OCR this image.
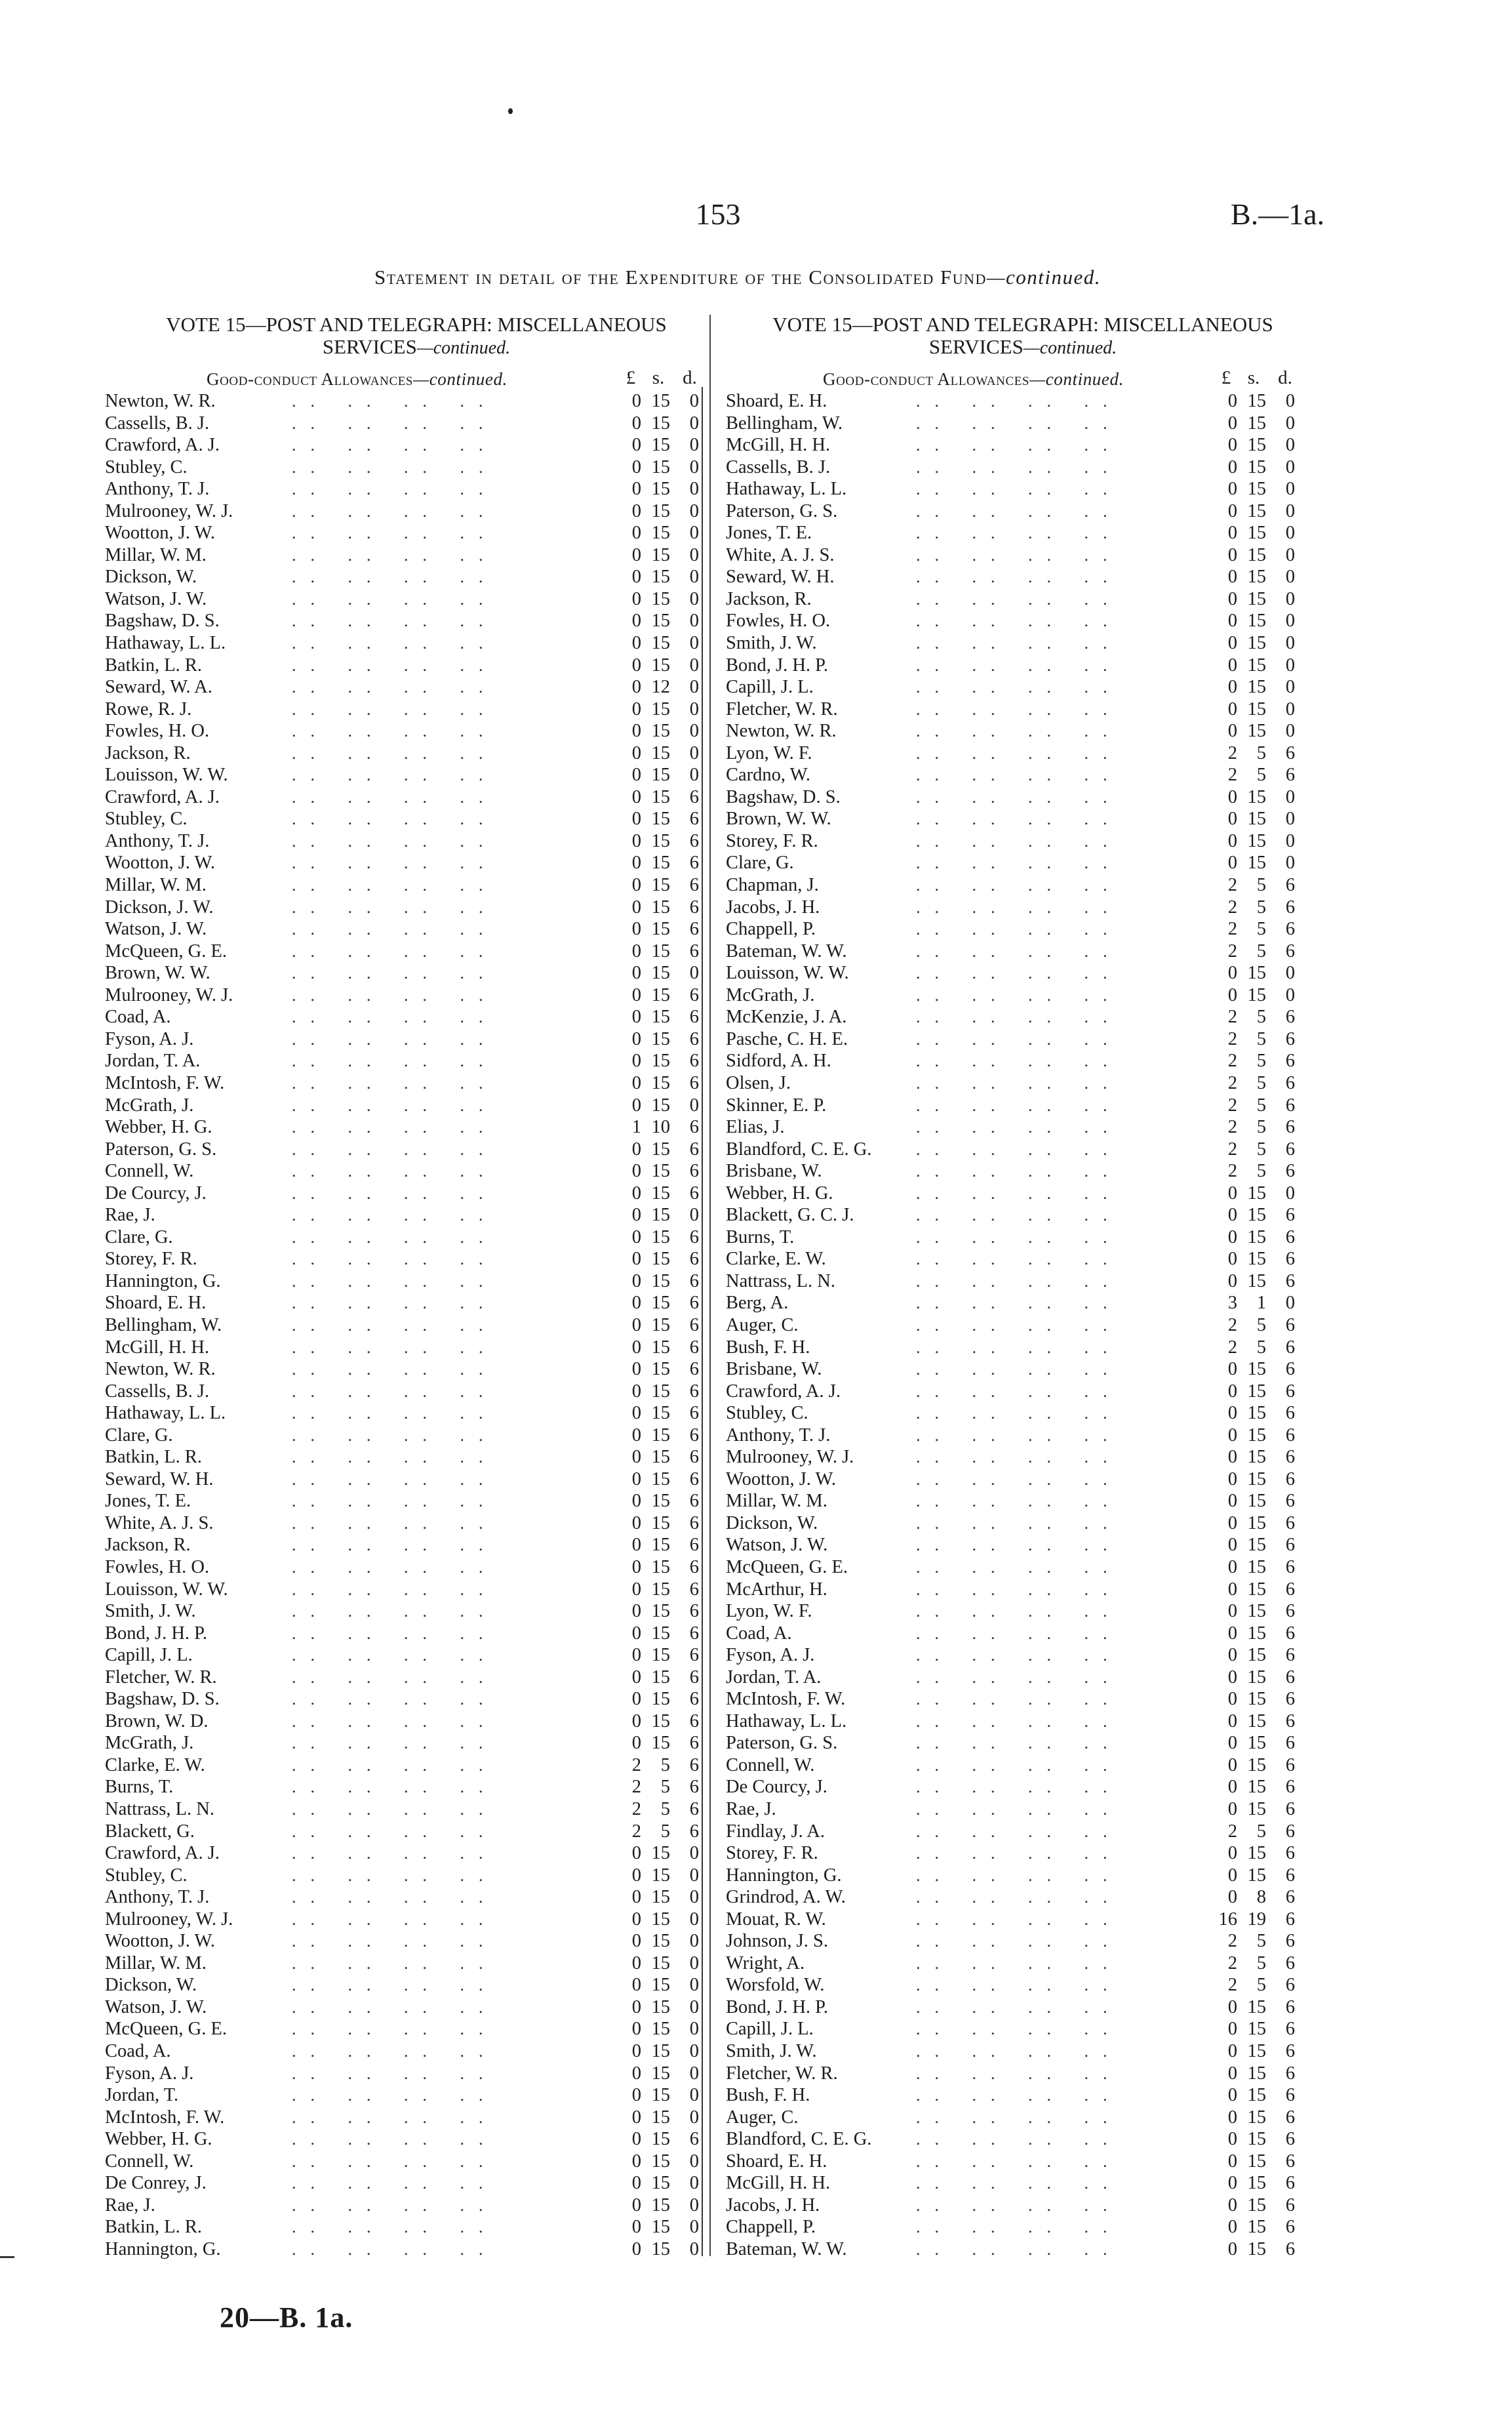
153	B.—1a.
Statement in detail of the Expenditure of the Consolidated Fund—continued.
VOTE 15—POST AND TELEGRAPH: MISCELLANEOUS
SERVICES—continued.
Good-conduct Allowances—continued.	£ s. d.
Newton, W. R.	.. .. .. ..	0 15 0
Cassells, B. J.	.. .. .. ..	0 15 0
Crawford, A. J.	.. .. .. ..	0 15 0
Stubley, C.	.. .. .. ..	0 15 0
Anthony, T. J.	.. .. .. ..	0 15 0
Mulrooney, W. J.	.. .. .. ..	0 15 0
Wootton, J. W.	.. .. .. ..	0 15 0
Millar, W. M.	.. .. .. ..	0 15 0
Dickson, W.	.. .. .. ..	0 15 0
Watson, J. W.	.. .. .. ..	0 15 0
Bagshaw, D. S.	.. .. .. ..	0 15 0
Hathaway, L. L.	.. .. .. ..	0 15 0
Batkin, L. R.	.. .. .. ..	0 15 0
Seward, W. A.	.. .. .. ..	0 12 0
Rowe, R. J.	.. .. .. ..	0 15 0
Fowles, H. O.	.. .. .. ..	0 15 0
Jackson, R.	.. .. .. ..	0 15 0
Louisson, W. W.	.. .. .. ..	0 15 0
Crawford, A. J.	.. .. .. ..	0 15 6
Stubley, C.	.. .. .. ..	0 15 6
Anthony, T. J.	.. .. .. ..	0 15 6
Wootton, J. W.	.. .. .. ..	0 15 6
Millar, W. M.	.. .. .. ..	0 15 6
Dickson, J. W.	.. .. .. ..	0 15 6
Watson, J. W.	.. .. .. ..	0 15 6
McQueen, G. E.	.. .. .. ..	0 15 6
Brown, W. W.	.. .. .. ..	0 15 0
Mulrooney, W. J.	.. .. .. ..	0 15 6
Coad, A.	.. .. .. ..	0 15 6
Fyson, A. J.	.. .. .. ..	0 15 6
Jordan, T. A.	.. .. .. ..	0 15 6
McIntosh, F. W.	.. .. .. ..	0 15 6
McGrath, J.	.. .. .. ..	0 15 0
Webber, H. G.	.. .. .. ..	1 10 6
Paterson, G. S.	.. .. .. ..	0 15 6
Connell, W.	.. .. .. ..	0 15 6
De Courcy, J.	.. .. .. ..	0 15 6
Rae, J.	.. .. .. ..	0 15 0
Clare, G.	.. .. .. ..	0 15 6
Storey, F. R.	.. .. .. ..	0 15 6
Hannington, G.	.. .. .. ..	0 15 6
Shoard, E. H.	.. .. .. ..	0 15 6
Bellingham, W.	.. .. .. ..	0 15 6
McGill, H. H.	.. .. .. ..	0 15 6
Newton, W. R.	.. .. .. ..	0 15 6
Cassells, B. J.	.. .. .. ..	0 15 6
Hathaway, L. L.	.. .. .. ..	0 15 6
Clare, G.	.. .. .. ..	0 15 6
Batkin, L. R.	.. .. .. ..	0 15 6
Seward, W. H.	.. .. .. ..	0 15 6
Jones, T. E.	.. .. .. ..	0 15 6
White, A. J. S.	.. .. .. ..	0 15 6
Jackson, R.	.. .. .. ..	0 15 6
Fowles, H. O.	.. .. .. ..	0 15 6
Louisson, W. W.	.. .. .. ..	0 15 6
Smith, J. W.	.. .. .. ..	0 15 6
Bond, J. H. P.	.. .. .. ..	0 15 6
Capill, J. L.	.. .. .. ..	0 15 6
Fletcher, W. R.	.. .. .. ..	0 15 6
Bagshaw, D. S.	.. .. .. ..	0 15 6
Brown, W. D.	.. .. .. ..	0 15 6
McGrath, J.	.. .. .. ..	0 15 6
Clarke, E. W.	.. .. .. ..	2 5 6
Burns, T.	.. .. .. ..	2 5 6
Nattrass, L. N.	.. .. .. ..	2 5 6
Blackett, G.	.. .. .. ..	2 5 6
Crawford, A. J.	.. .. .. ..	0 15 0
Stubley, C.	.. .. .. ..	0 15 0
Anthony, T. J.	.. .. .. ..	0 15 0
Mulrooney, W. J.	.. .. .. ..	0 15 0
Wootton, J. W.	.. .. .. ..	0 15 0
Millar, W. M.	.. .. .. ..	0 15 0
Dickson, W.	.. .. .. ..	0 15 0
Watson, J. W.	.. .. .. ..	0 15 0
McQueen, G. E.	.. .. .. ..	0 15 0
Coad, A.	.. .. .. ..	0 15 0
Fyson, A. J.	.. .. .. ..	0 15 0
Jordan, T.	.. .. .. ..	0 15 0
McIntosh, F. W.	.. .. .. ..	0 15 0
Webber, H. G.	.. .. .. ..	0 15 6
Connell, W.	.. .. .. ..	0 15 0
De Conrey, J.	.. .. .. ..	0 15 0
Rae, J.	.. .. .. ..	0 15 0
Batkin, L. R.	.. .. .. ..	0 15 0
Hannington, G.	.. .. .. ..	0 15 0
VOTE 15—POST AND TELEGRAPH: MISCELLANEOUS
SERVICES—continued.
Good-conduct Allowances—continued.	£ s. d.
Shoard, E. H.	.. .. .. ..	0 15 0
Bellingham, W.	.. .. .. ..	0 15 0
McGill, H. H.	.. .. .. ..	0 15 0
Cassells, B. J.	.. .. .. ..	0 15 0
Hathaway, L. L.	.. .. .. ..	0 15 0
Paterson, G. S.	.. .. .. ..	0 15 0
Jones, T. E.	.. .. .. ..	0 15 0
White, A. J. S.	.. .. .. ..	0 15 0
Seward, W. H.	.. .. .. ..	0 15 0
Jackson, R.	.. .. .. ..	0 15 0
Fowles, H. O.	.. .. .. ..	0 15 0
Smith, J. W.	.. .. .. ..	0 15 0
Bond, J. H. P.	.. .. .. ..	0 15 0
Capill, J. L.	.. .. .. ..	0 15 0
Fletcher, W. R.	.. .. .. ..	0 15 0
Newton, W. R.	.. .. .. ..	0 15 0
Lyon, W. F.	.. .. .. ..	2 5 6
Cardno, W.	.. .. .. ..	2 5 6
Bagshaw, D. S.	.. .. .. ..	0 15 0
Brown, W. W.	.. .. .. ..	0 15 0
Storey, F. R.	.. .. .. ..	0 15 0
Clare, G.	.. .. .. ..	0 15 0
Chapman, J.	.. .. .. ..	2 5 6
Jacobs, J. H.	.. .. .. ..	2 5 6
Chappell, P.	.. .. .. ..	2 5 6
Bateman, W. W.	.. .. .. ..	2 5 6
Louisson, W. W.	.. .. .. ..	0 15 0
McGrath, J.	.. .. .. ..	0 15 0
McKenzie, J. A.	.. .. .. ..	2 5 6
Pasche, C. H. E.	.. .. .. ..	2 5 6
Sidford, A. H.	.. .. .. ..	2 5 6
Olsen, J.	.. .. .. ..	2 5 6
Skinner, E. P.	.. .. .. ..	2 5 6
Elias, J.	.. .. .. ..	2 5 6
Blandford, C. E. G.	.. .. .. ..	2 5 6
Brisbane, W.	.. .. .. ..	2 5 6
Webber, H. G.	.. .. .. ..	0 15 0
Blackett, G. C. J.	.. .. .. ..	0 15 6
Burns, T.	.. .. .. ..	0 15 6
Clarke, E. W.	.. .. .. ..	0 15 6
Nattrass, L. N.	.. .. .. ..	0 15 6
Berg, A.	.. .. .. ..	3 1 0
Auger, C.	.. .. .. ..	2 5 6
Bush, F. H.	.. .. .. ..	2 5 6
Brisbane, W.	.. .. .. ..	0 15 6
Crawford, A. J.	.. .. .. ..	0 15 6
Stubley, C.	.. .. .. ..	0 15 6
Anthony, T. J.	.. .. .. ..	0 15 6
Mulrooney, W. J.	.. .. .. ..	0 15 6
Wootton, J. W.	.. .. .. ..	0 15 6
Millar, W. M.	.. .. .. ..	0 15 6
Dickson, W.	.. .. .. ..	0 15 6
Watson, J. W.	.. .. .. ..	0 15 6
McQueen, G. E.	.. .. .. ..	0 15 6
McArthur, H.	.. .. .. ..	0 15 6
Lyon, W. F.	.. .. .. ..	0 15 6
Coad, A.	.. .. .. ..	0 15 6
Fyson, A. J.	.. .. .. ..	0 15 6
Jordan, T. A.	.. .. .. ..	0 15 6
McIntosh, F. W.	.. .. .. ..	0 15 6
Hathaway, L. L.	.. .. .. ..	0 15 6
Paterson, G. S.	.. .. .. ..	0 15 6
Connell, W.	.. .. .. ..	0 15 6
De Courcy, J.	.. .. .. ..	0 15 6
Rae, J.	.. .. .. ..	0 15 6
Findlay, J. A.	.. .. .. ..	2 5 6
Storey, F. R.	.. .. .. ..	0 15 6
Hannington, G.	.. .. .. ..	0 15 6
Grindrod, A. W.	.. .. .. ..	0 8 6
Mouat, R. W.	.. .. .. ..	16 19 6
Johnson, J. S.	.. .. .. ..	2 5 6
Wright, A.	.. .. .. ..	2 5 6
Worsfold, W.	.. .. .. ..	2 5 6
Bond, J. H. P.	.. .. .. ..	0 15 6
Capill, J. L.	.. .. .. ..	0 15 6
Smith, J. W.	.. .. .. ..	0 15 6
Fletcher, W. R.	.. .. .. ..	0 15 6
Bush, F. H.	.. .. .. ..	0 15 6
Auger, C.	.. .. .. ..	0 15 6
Blandford, C. E. G.	.. .. .. ..	0 15 6
Shoard, E. H.	.. .. .. ..	0 15 6
McGill, H. H.	.. .. .. ..	0 15 6
Jacobs, J. H.	.. .. .. ..	0 15 6
Chappell, P.	.. .. .. ..	0 15 6
Bateman, W. W.	.. .. .. ..	0 15 6
20—B. 1a.
